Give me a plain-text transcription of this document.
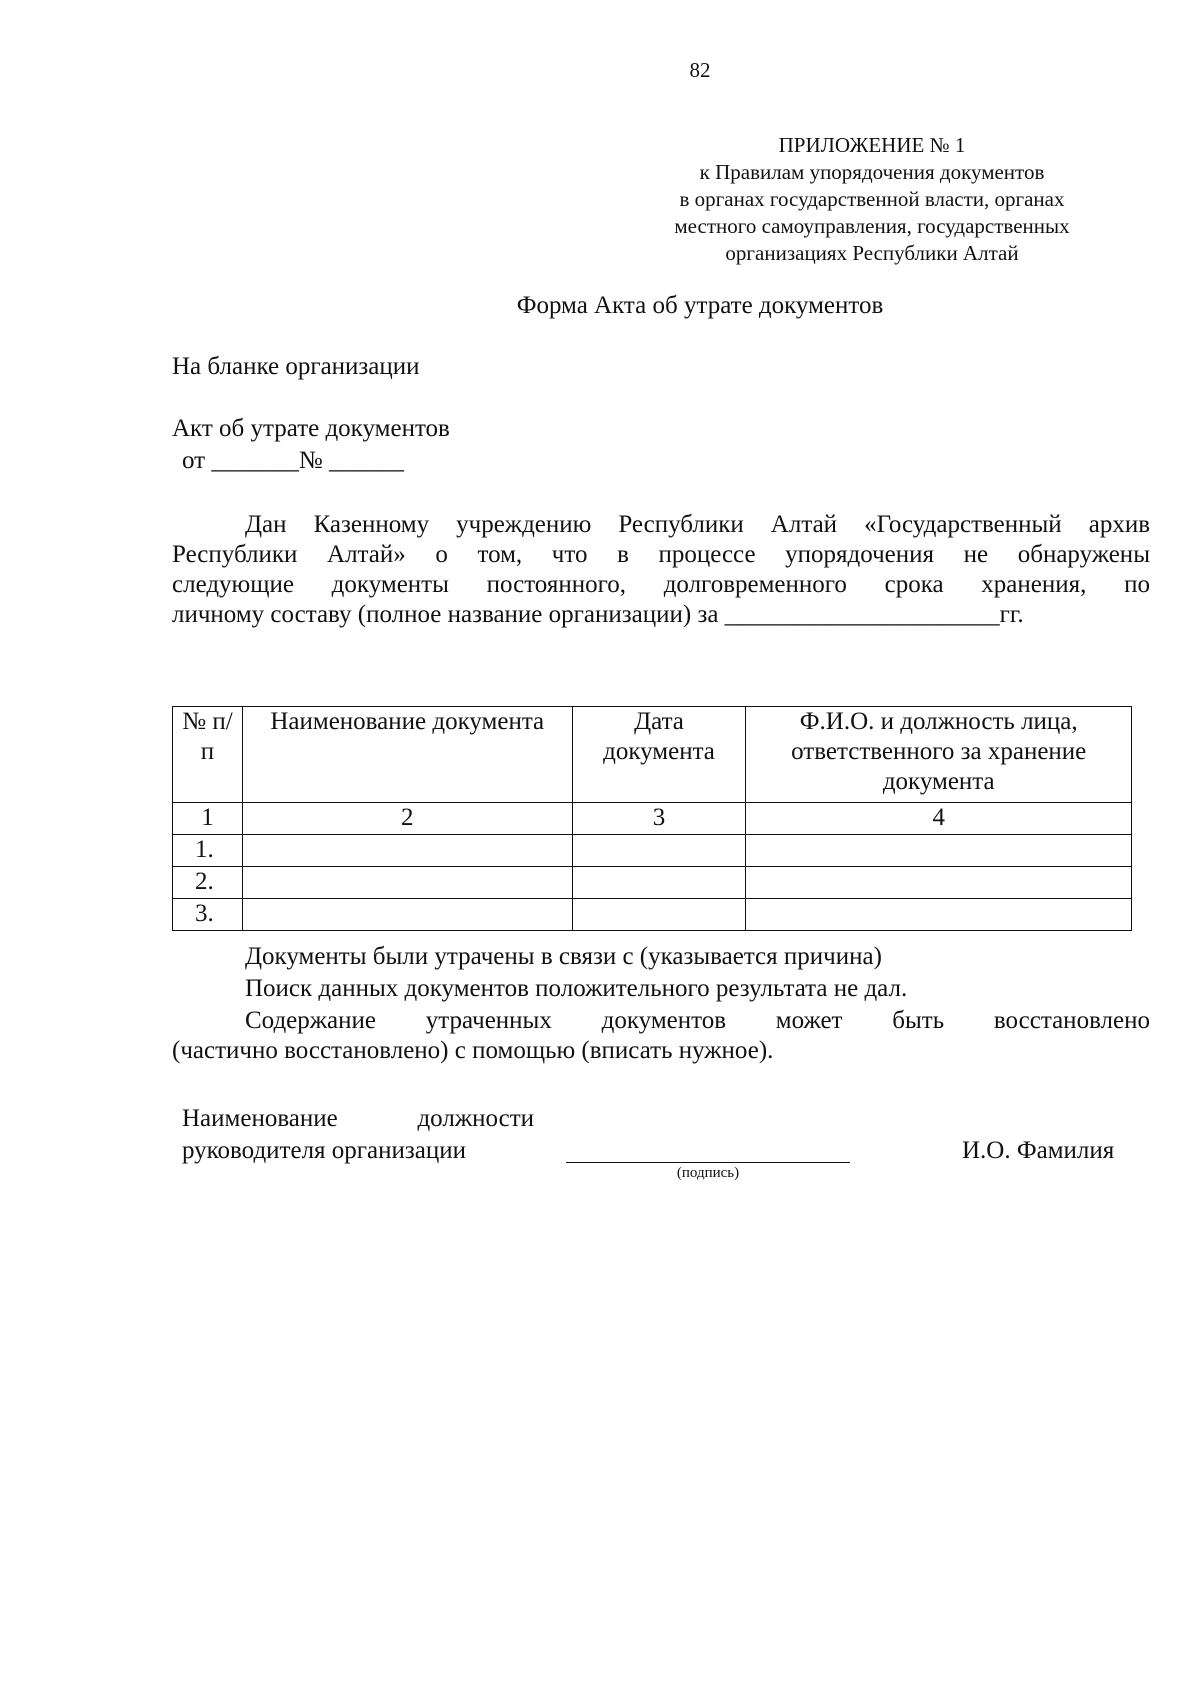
82
ПРИЛОЖЕНИЕ № 1
к Правилам упорядочения документов
в органах государственной власти, органах
местного самоуправления, государственных
организациях Республики Алтай
Форма Акта об утрате документов
На бланке организации
Акт об утрате документов
от _______№ ______
Дан Казенному учреждению Республики Алтай «Государственный архив
Республики Алтай» о том, что в процессе упорядочения не обнаружены
следующие документы постоянного, долговременного срока хранения, по
личному составу (полное название организации) за ______________________гг.
№ п/п	Наименование документа	Дата документа	Ф.И.О. и должность лица, ответственного за хранение документа
1	2	3	4
1.			
2.			
3.			
Документы были утрачены в связи с (указывается причина)
Поиск данных документов положительного результата не дал.
Содержание утраченных документов может быть восстановлено
(частично восстановлено) с помощью (вписать нужное).
Наименование должности
руководителя организации
(подпись)
И.О. Фамилия
